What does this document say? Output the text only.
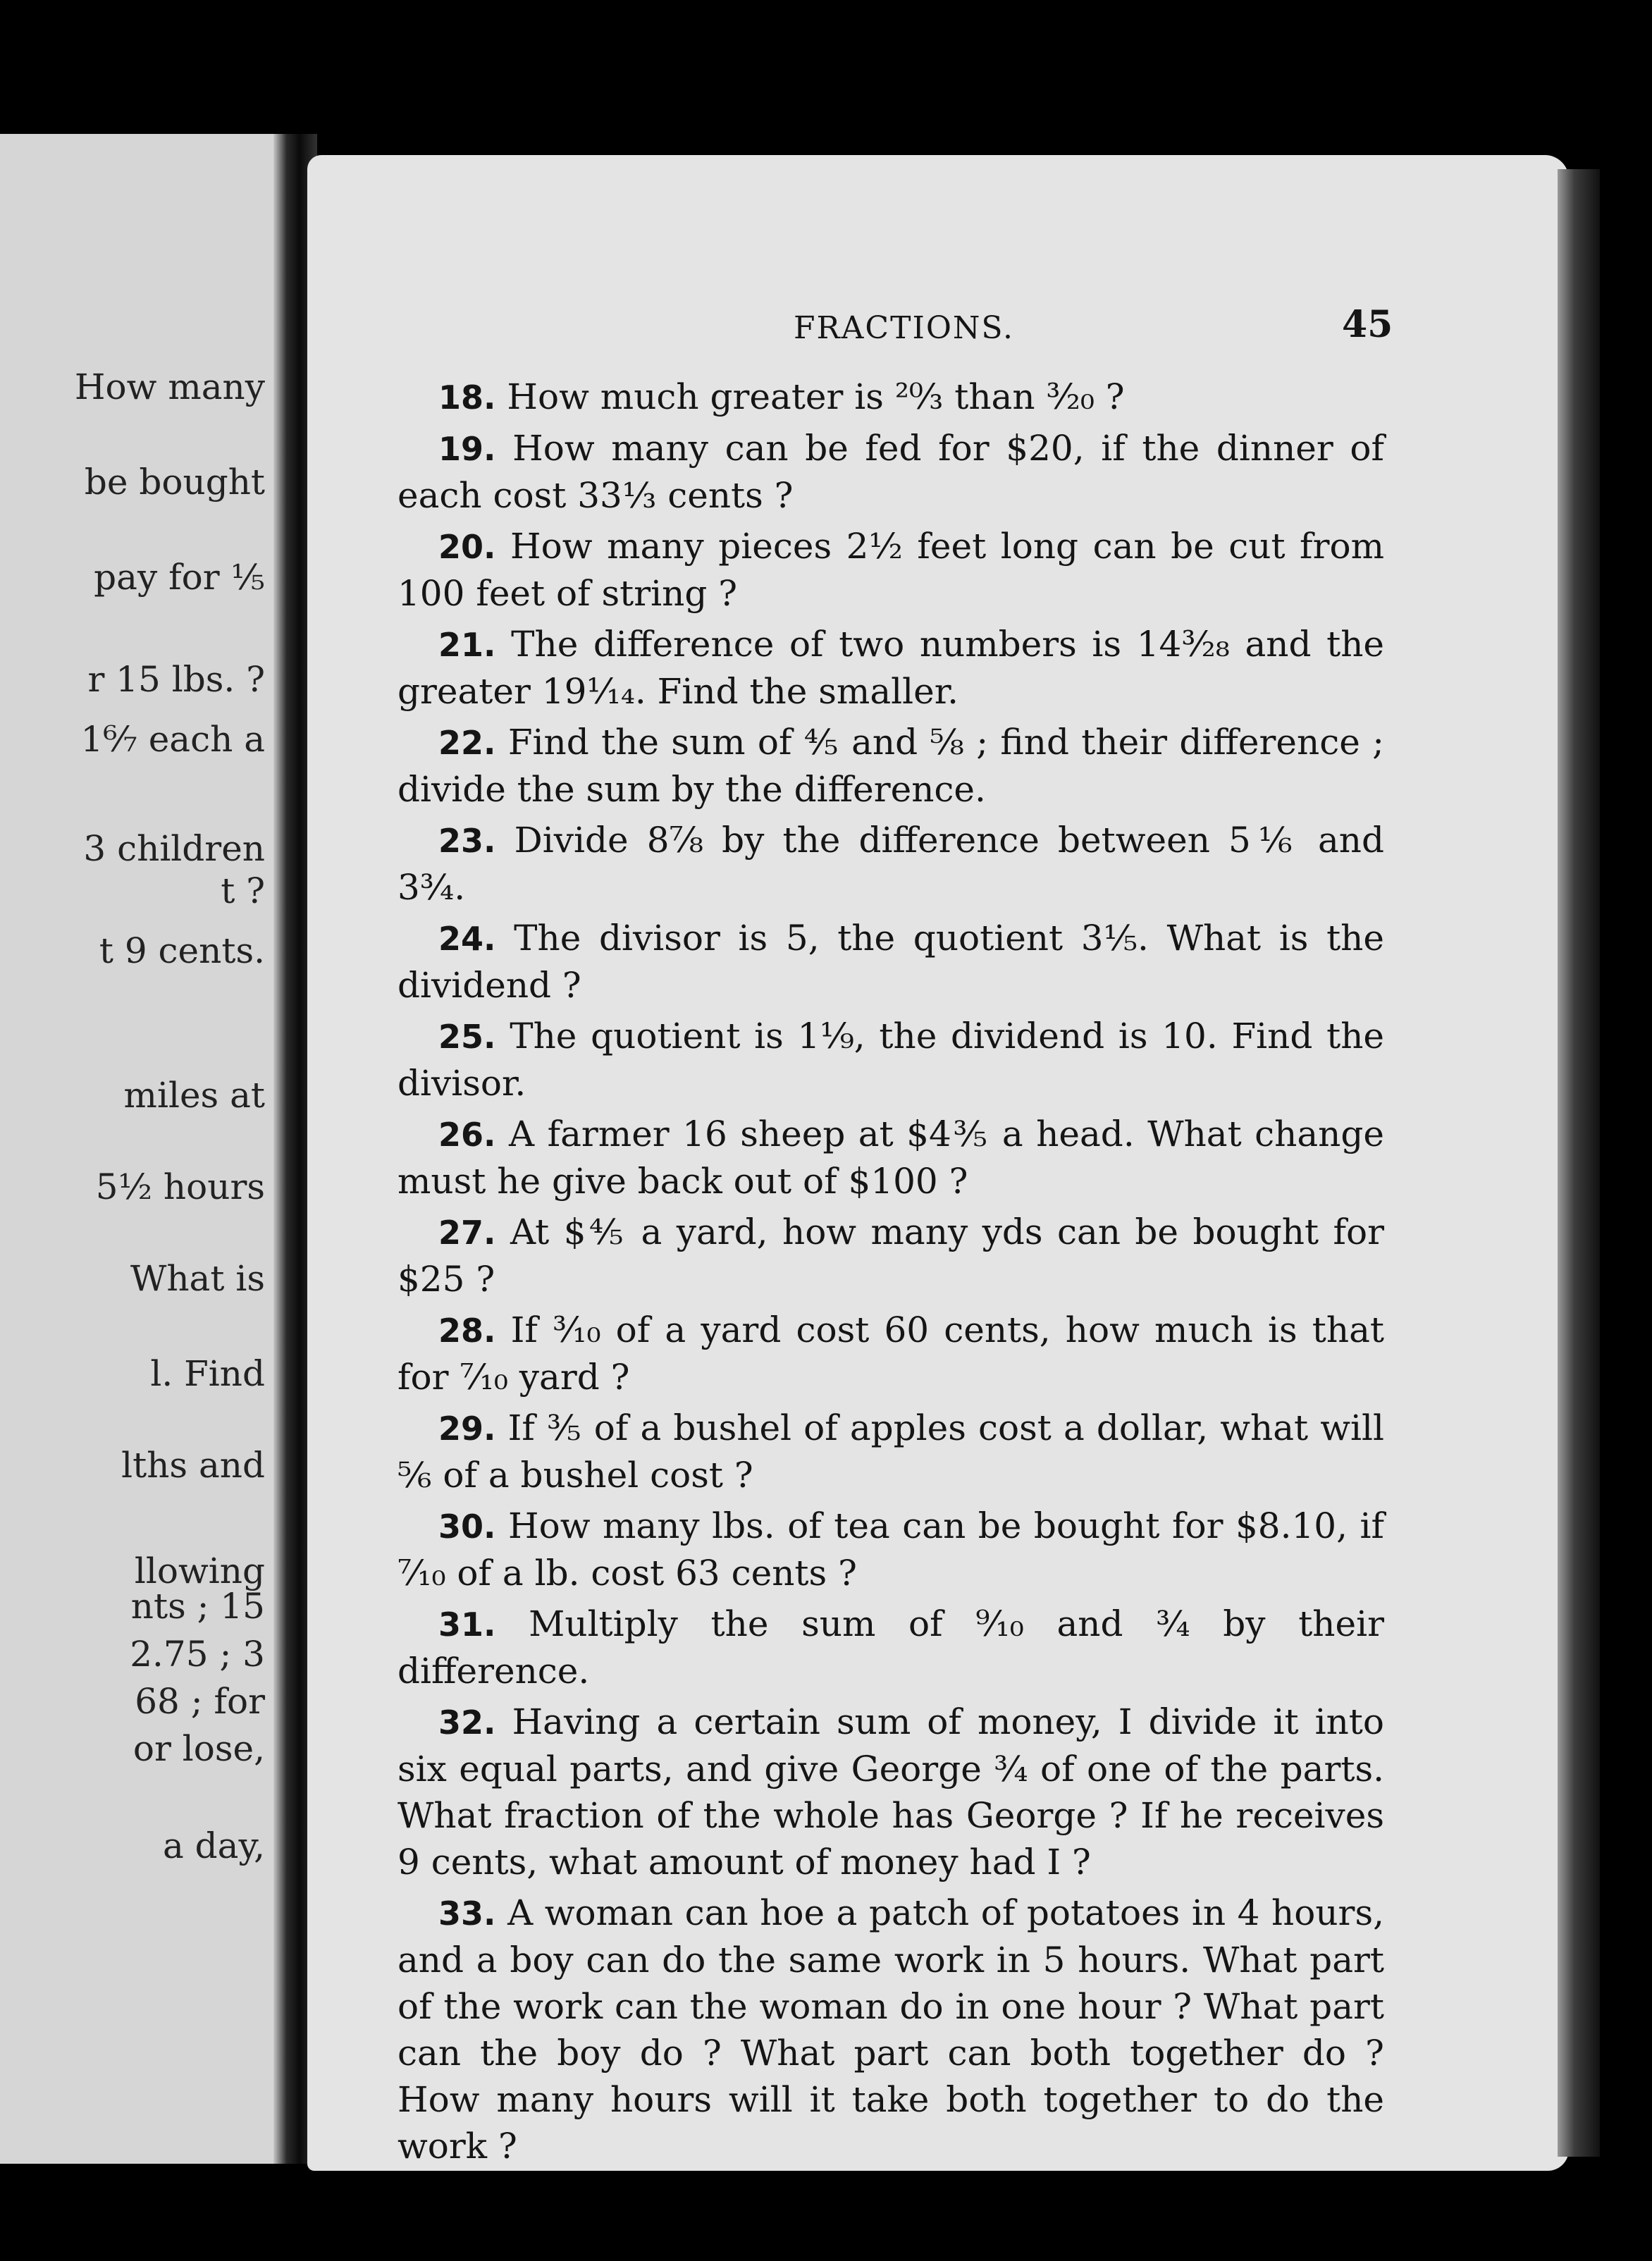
How many
be bought
pay for ⅕
r 15 lbs. ?
1⁶⁄₇ each a
3 children
t ?
t 9 cents.
miles at
5½ hours
What is
l. Find
lths and
llowing
nts ; 15
2.75 ; 3
68 ; for
or lose,
a day,
FRACTIONS.	45

18. How much greater is ²⁰⁄₃ than ³⁄₂₀ ?

19. How many can be fed for $20, if the dinner of each cost 33⅓ cents ?

20. How many pieces 2½ feet long can be cut from 100 feet of string ?

21. The difference of two numbers is 14³⁄₂₈ and the greater 19¹⁄₁₄. Find the smaller.

22. Find the sum of ⅘ and ⅝ ; find their difference ; divide the sum by the difference.

23. Divide 8⁷⁄₈ by the difference between 5⅙ and 3¾.

24. The divisor is 5, the quotient 3⅕. What is the dividend ?

25. The quotient is 1¹⁄₉, the dividend is 10. Find the divisor.

26. A farmer 16 sheep at $4⅗ a head. What change must he give back out of $100 ?

27. At $⅘ a yard, how many yds can be bought for $25 ?

28. If ³⁄₁₀ of a yard cost 60 cents, how much is that for ⁷⁄₁₀ yard ?

29. If ⅗ of a bushel of apples cost a dollar, what will ⅚ of a bushel cost ?

30. How many lbs. of tea can be bought for $8.10, if ⁷⁄₁₀ of a lb. cost 63 cents ?

31. Multiply the sum of ⁹⁄₁₀ and ¾ by their difference.

32. Having a certain sum of money, I divide it into six equal parts, and give George ¾ of one of the parts. What fraction of the whole has George ? If he receives 9 cents, what amount of money had I ?

33. A woman can hoe a patch of potatoes in 4 hours, and a boy can do the same work in 5 hours. What part of the work can the woman do in one hour ? What part can the boy do ? What part can both together do ? How many hours will it take both together to do the work ?
